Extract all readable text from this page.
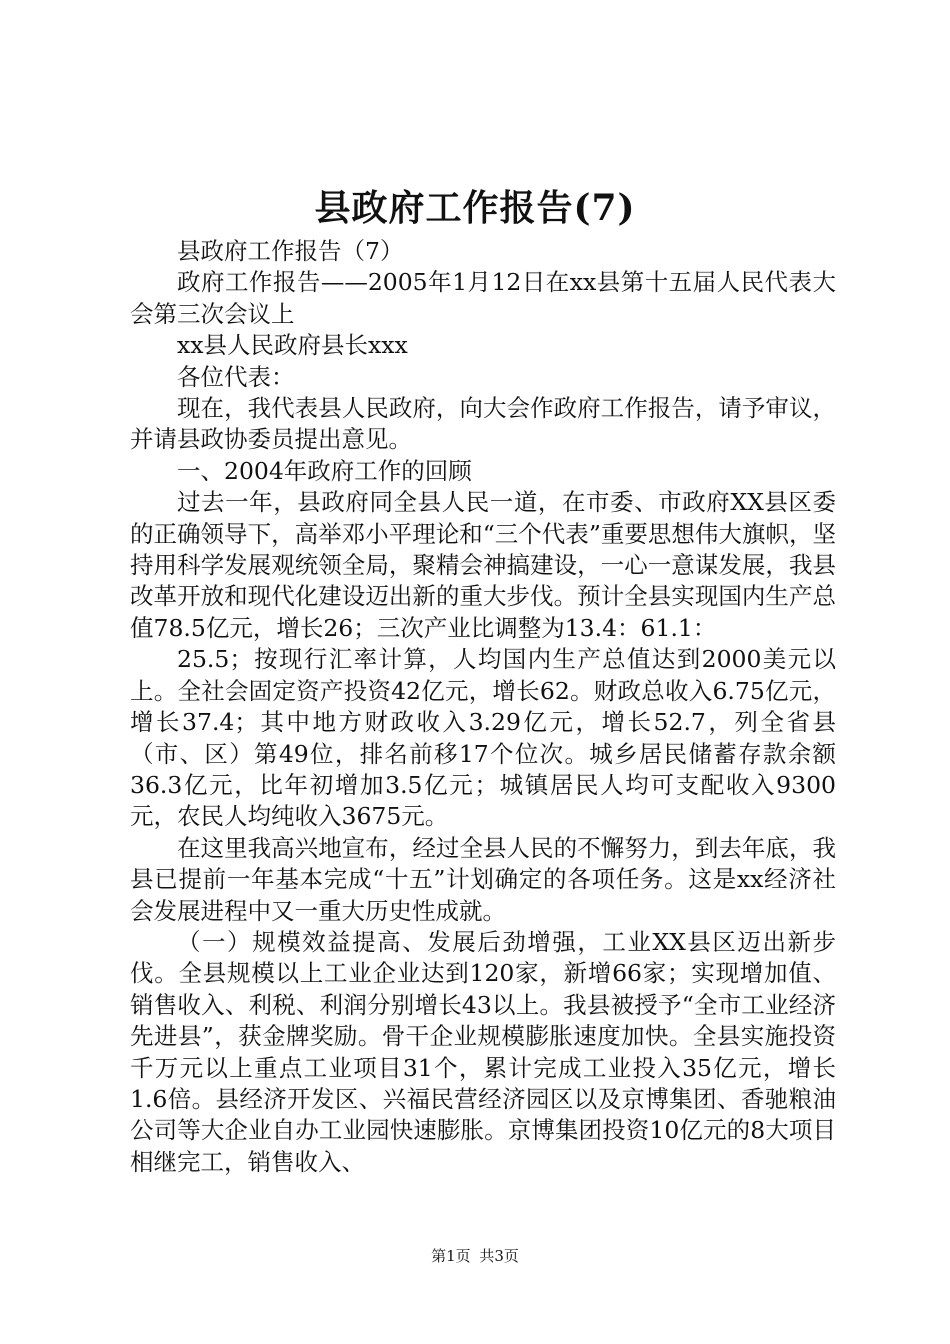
县政府工作报告(7)

县政府工作报告（7）

政府工作报告——2005年1月12日在xx县第十五届人民代表大会第三次会议上

xx县人民政府县长xxx

各位代表：

现在，我代表县人民政府，向大会作政府工作报告，请予审议，并请县政协委员提出意见。

一、2004年政府工作的回顾

过去一年，县政府同全县人民一道，在市委、市政府XX县区委的正确领导下，高举邓小平理论和“三个代表”重要思想伟大旗帜，坚持用科学发展观统领全局，聚精会神搞建设，一心一意谋发展，我县改革开放和现代化建设迈出新的重大步伐。预计全县实现国内生产总值78.5亿元，增长26；三次产业比调整为13.4：61.1：

25.5；按现行汇率计算，人均国内生产总值达到2000美元以上。全社会固定资产投资42亿元，增长62。财政总收入6.75亿元，增长37.4；其中地方财政收入3.29亿元，增长52.7，列全省县（市、区）第49位，排名前移17个位次。城乡居民储蓄存款余额36.3亿元，比年初增加3.5亿元；城镇居民人均可支配收入9300元，农民人均纯收入3675元。

在这里我高兴地宣布，经过全县人民的不懈努力，到去年底，我县已提前一年基本完成“十五”计划确定的各项任务。这是xx经济社会发展进程中又一重大历史性成就。

（一）规模效益提高、发展后劲增强，工业XX县区迈出新步伐。全县规模以上工业企业达到120家，新增66家；实现增加值、销售收入、利税、利润分别增长43以上。我县被授予“全市工业经济先进县”，获金牌奖励。骨干企业规模膨胀速度加快。全县实施投资千万元以上重点工业项目31个，累计完成工业投入35亿元，增长1.6倍。县经济开发区、兴福民营经济园区以及京博集团、香驰粮油公司等大企业自办工业园快速膨胀。京博集团投资10亿元的8大项目相继完工，销售收入、

第1页 共3页
